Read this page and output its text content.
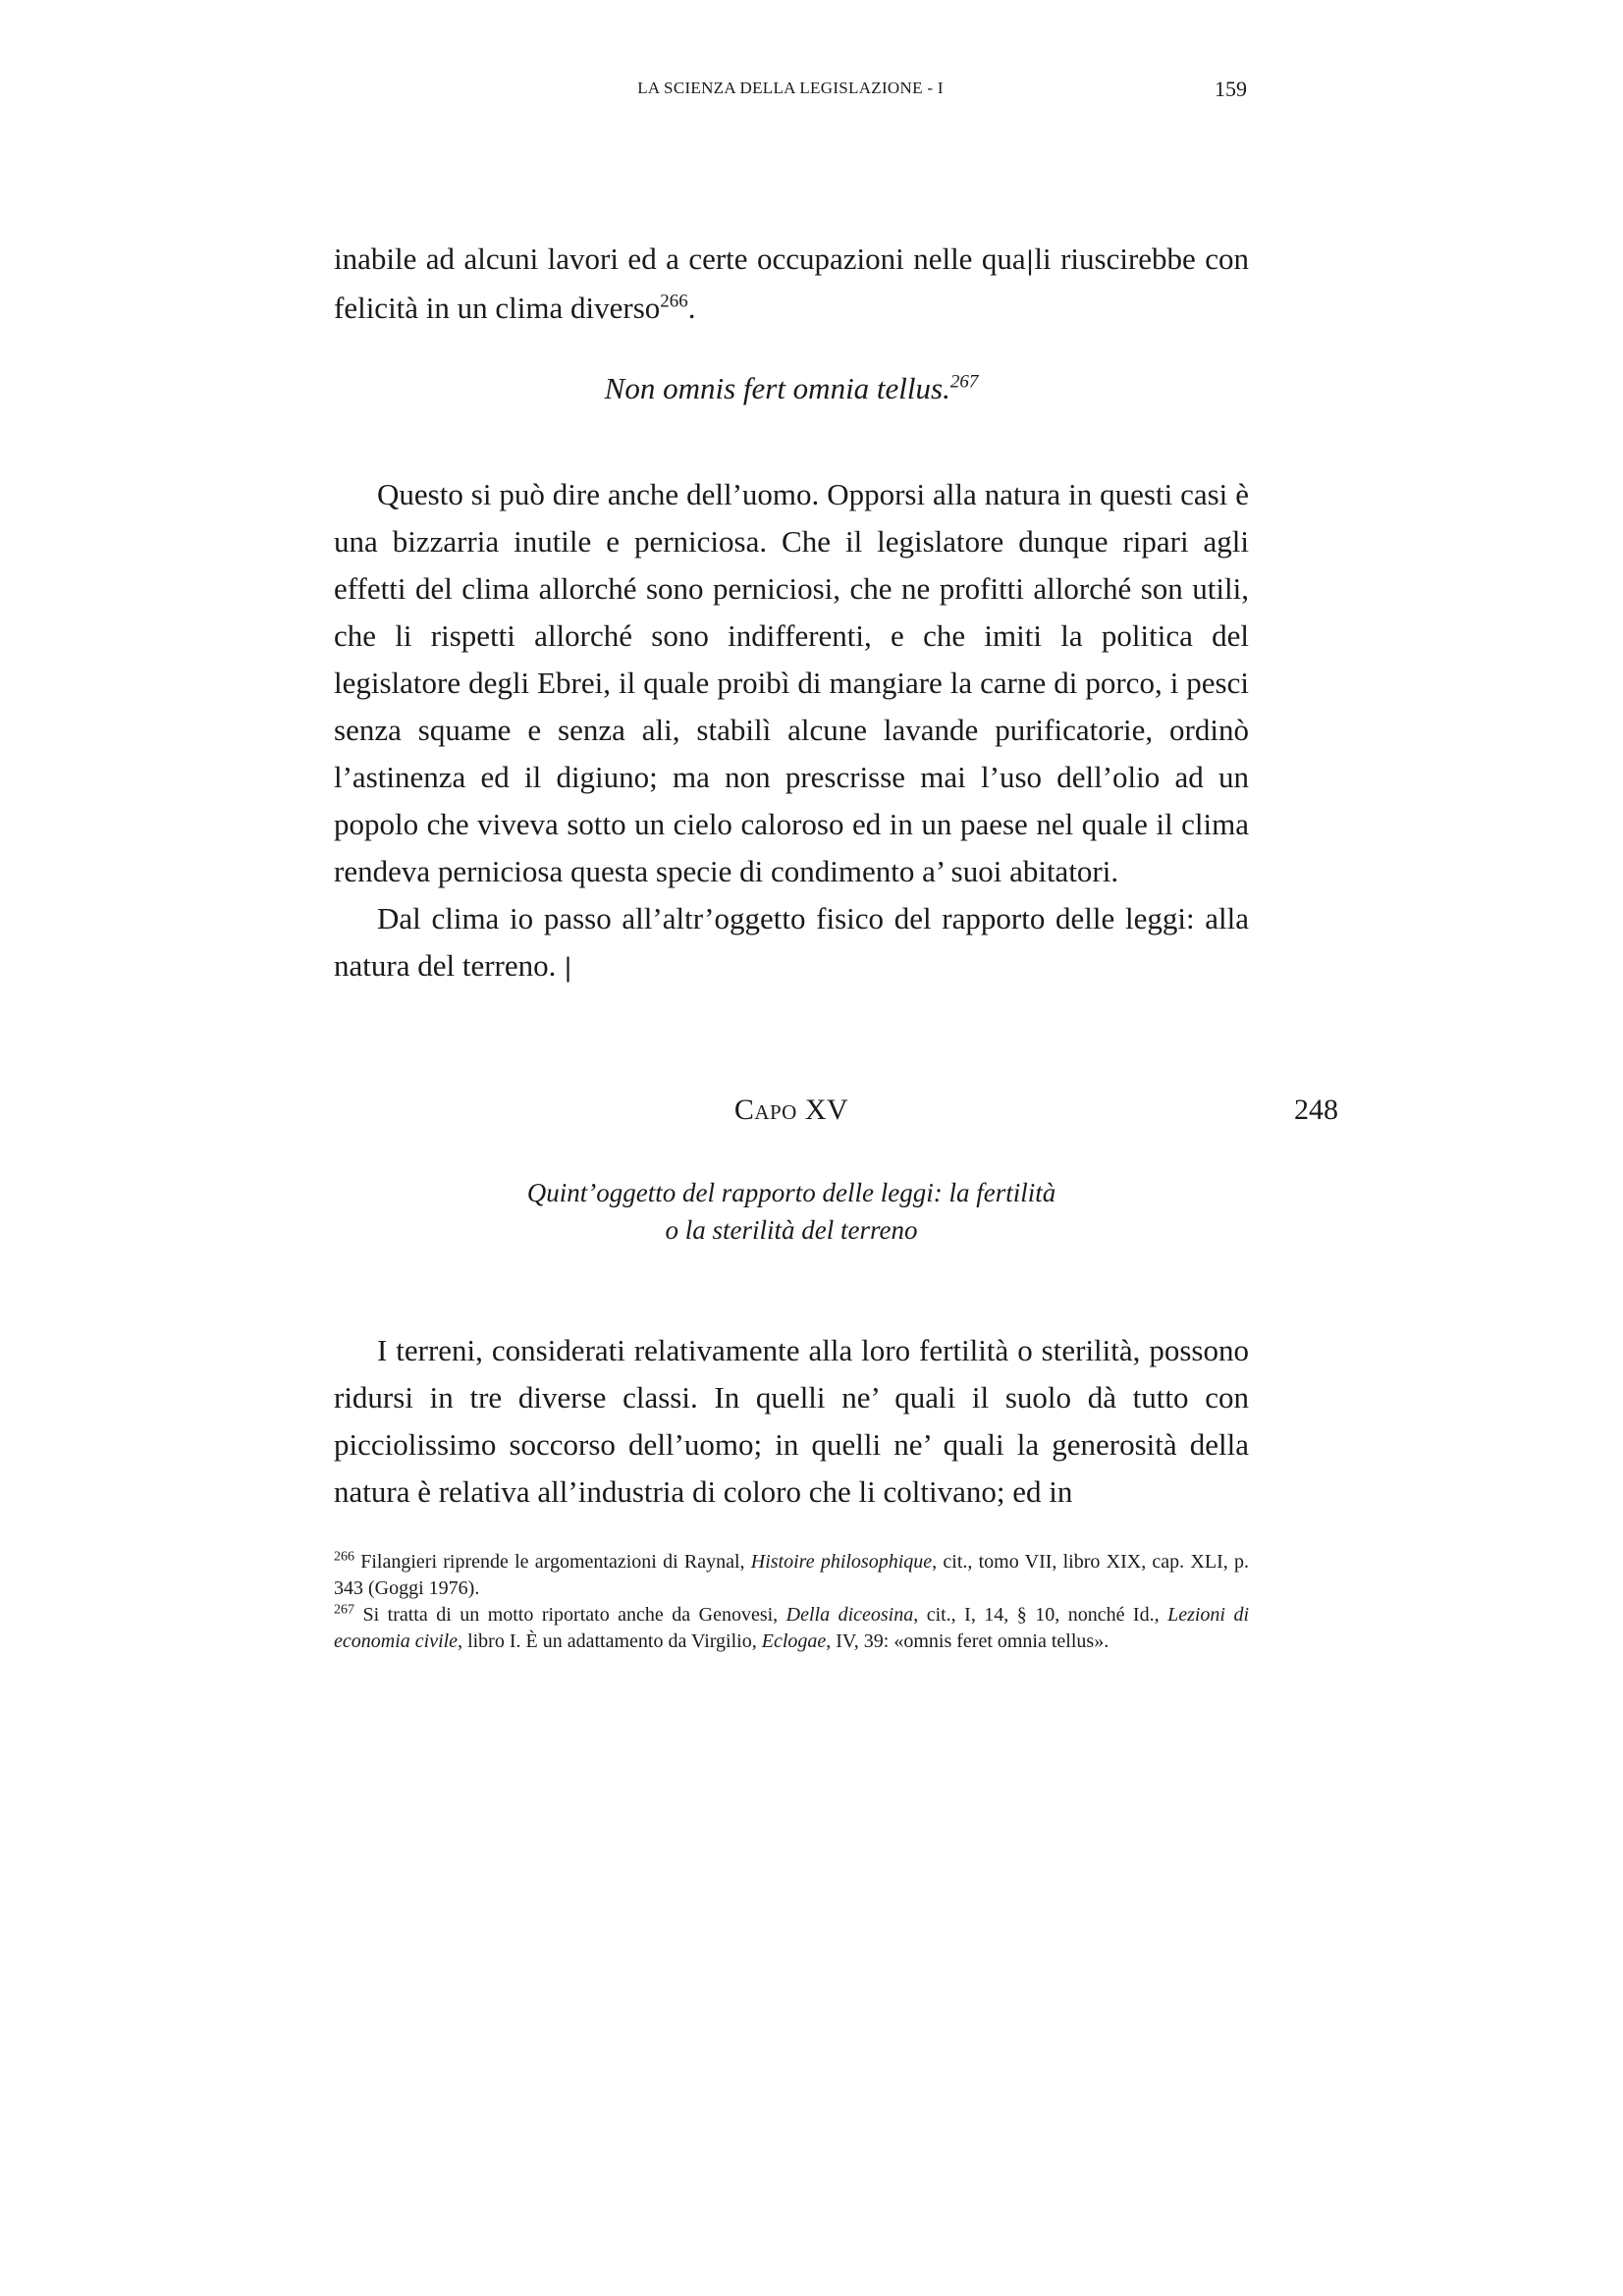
LA SCIENZA DELLA LEGISLAZIONE - I	159

inabile ad alcuni lavori ed a certe occupazioni nelle qua|li riuscirebbe con felicità in un clima diverso$^{266}$.

Non omnis fert omnia tellus.$^{267}$

Questo si può dire anche dell’uomo. Opporsi alla natura in questi casi è una bizzarria inutile e perniciosa. Che il legislatore dunque ripari agli effetti del clima allorché sono perniciosi, che ne profitti allorché son utili, che li rispetti allorché sono indifferenti, e che imiti la politica del legislatore degli Ebrei, il quale proibì di mangiare la carne di porco, i pesci senza squame e senza ali, stabilì alcune lavande purificatorie, ordinò l’astinenza ed il digiuno; ma non prescrisse mai l’uso dell’olio ad un popolo che viveva sotto un cielo caloroso ed in un paese nel quale il clima rendeva perniciosa questa specie di condimento a’ suoi abitatori.

Dal clima io passo all’altr’oggetto fisico del rapporto delle leggi: alla natura del terreno. |

Capo XV	248
Quint’oggetto del rapporto delle leggi: la fertilità
o la sterilità del terreno

I terreni, considerati relativamente alla loro fertilità o sterilità, possono ridursi in tre diverse classi. In quelli ne’ quali il suolo dà tutto con picciolissimo soccorso dell’uomo; in quelli ne’ quali la generosità della natura è relativa all’industria di coloro che li coltivano; ed in

$^{266}$ Filangieri riprende le argomentazioni di Raynal, Histoire philosophique, cit., tomo VII, libro XIX, cap. XLI, p. 343 (Goggi 1976).

$^{267}$ Si tratta di un motto riportato anche da Genovesi, Della diceosina, cit., I, 14, § 10, nonché Id., Lezioni di economia civile, libro I. È un adattamento da Virgilio, Eclogae, IV, 39: «omnis feret omnia tellus».
